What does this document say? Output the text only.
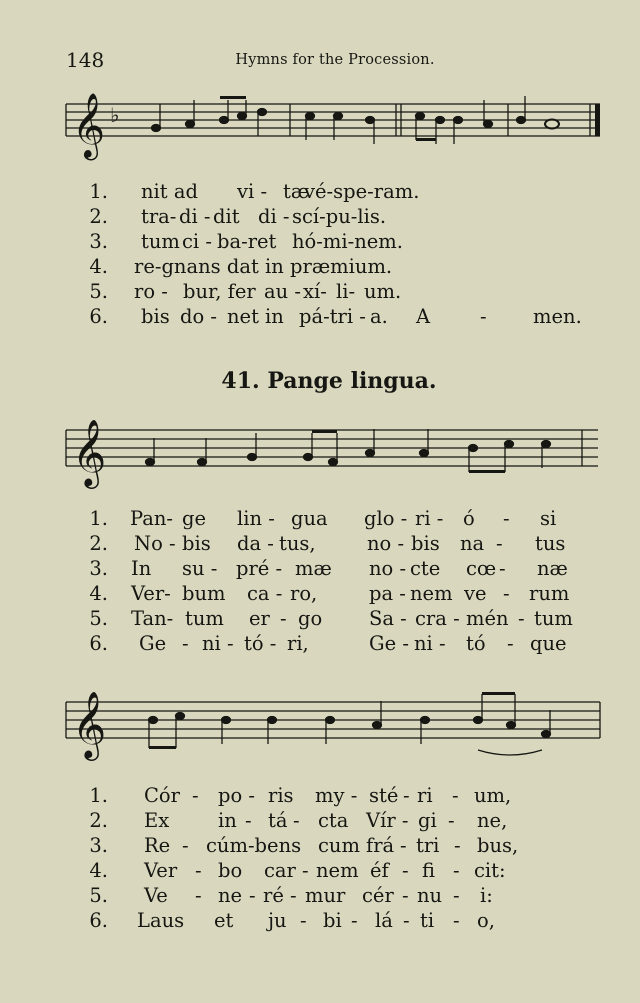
148	Hymns for the Procession.
𝄞 ♭
1. nit ad vi - tæ
vé-spe-ram.
2. tra- di - dit di - scí-pu-lis.
3. tum ci - ba-ret hó-mi-nem.
4. re-gnans dat in præmium.
5. ro - bur, fer au - xí- li- um.
6. bis do - net in pá-tri - a. A	- men.
41. Pange lingua.
𝄞
1. Pan- ge lin - gua glo - ri - ó - si
2. No - bis da - tus,	no - bis na - tus
3. In su - pré - mæ no - cte cœ - næ
4. Ver- bum ca - ro,	pa - nem ve - rum
5. Tan- tum er - go Sa - cra - mén - tum
6. Ge - ni - tó - ri,	Ge - ni - tó - que
𝄞
1. Cór - po - ris my - sté - ri - um,
2. Ex	in - tá - cta Vír - gi - ne,
3. Re - cúm-bens cum frá - tri - bus,
4. Ver - bo car - nem éf - fi - cit:
5. Ve - ne - ré - mur cér - nu - i:
6. Laus et ju - bi - lá - ti - o,
